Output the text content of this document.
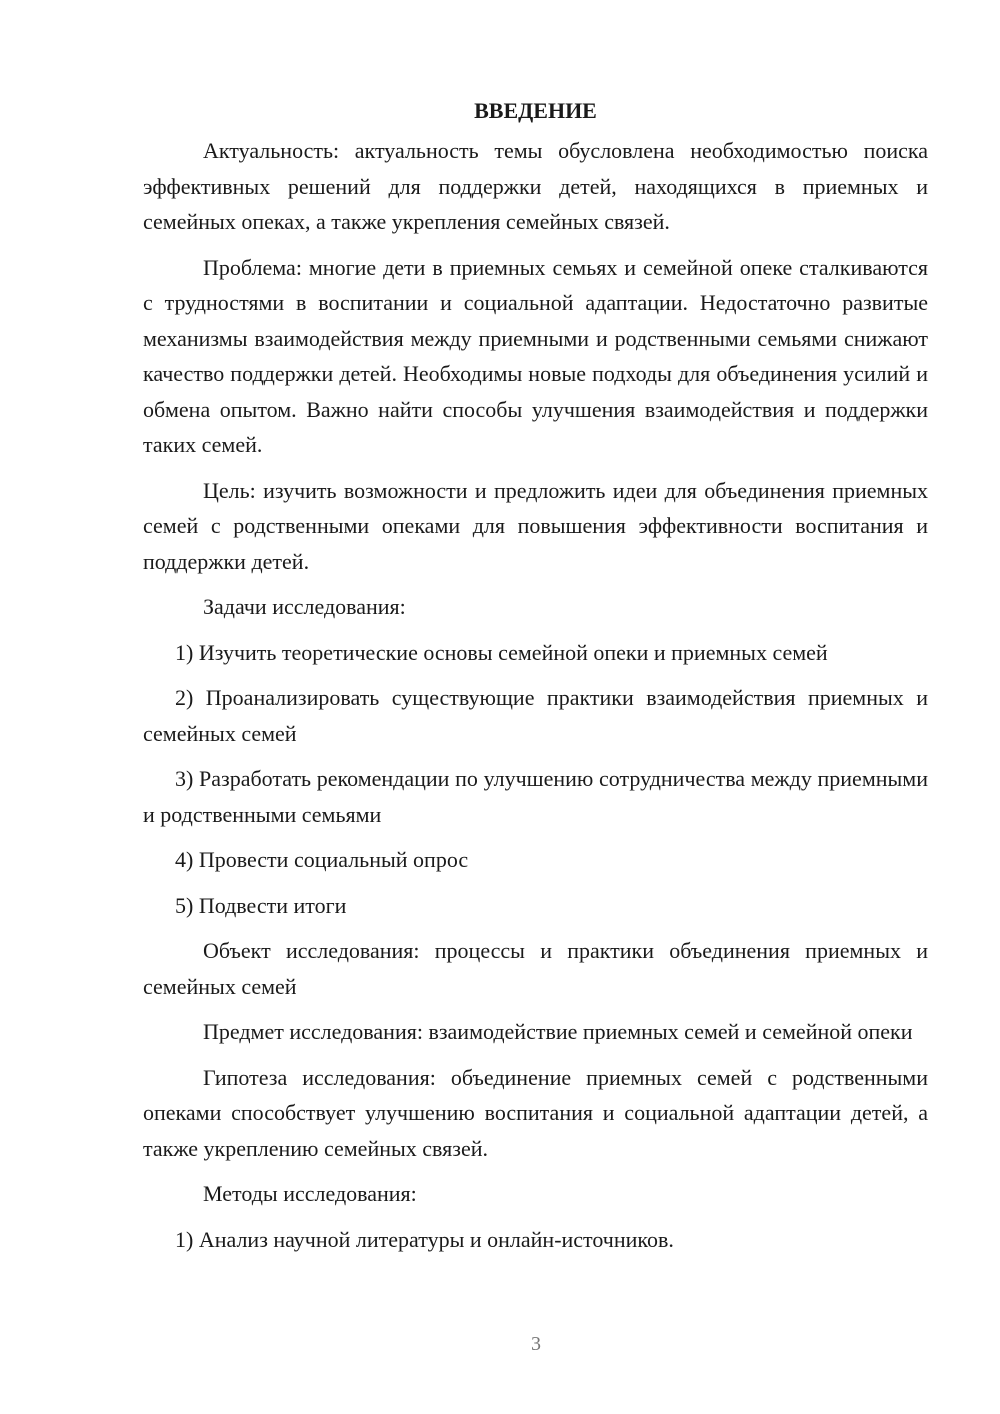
ВВЕДЕНИЕ

Актуальность: актуальность темы обусловлена необходимостью поиска эффективных решений для поддержки детей, находящихся в приемных и семейных опеках, а также укрепления семейных связей.

Проблема: многие дети в приемных семьях и семейной опеке сталкиваются с трудностями в воспитании и социальной адаптации. Недостаточно развитые механизмы взаимодействия между приемными и родственными семьями снижают качество поддержки детей. Необходимы новые подходы для объединения усилий и обмена опытом. Важно найти способы улучшения взаимодействия и поддержки таких семей.

Цель: изучить возможности и предложить идеи для объединения приемных семей с родственными опеками для повышения эффективности воспитания и поддержки детей.

Задачи исследования:

1) Изучить теоретические основы семейной опеки и приемных семей

2) Проанализировать существующие практики взаимодействия приемных и семейных семей

3) Разработать рекомендации по улучшению сотрудничества между приемными и родственными семьями

4) Провести социальный опрос

5) Подвести итоги

Объект исследования: процессы и практики объединения приемных и семейных семей

Предмет исследования: взаимодействие приемных семей и семейной опеки

Гипотеза исследования: объединение приемных семей с родственными опеками способствует улучшению воспитания и социальной адаптации детей, а также укреплению семейных связей.

Методы исследования:

1) Анализ научной литературы и онлайн-источников.

3
